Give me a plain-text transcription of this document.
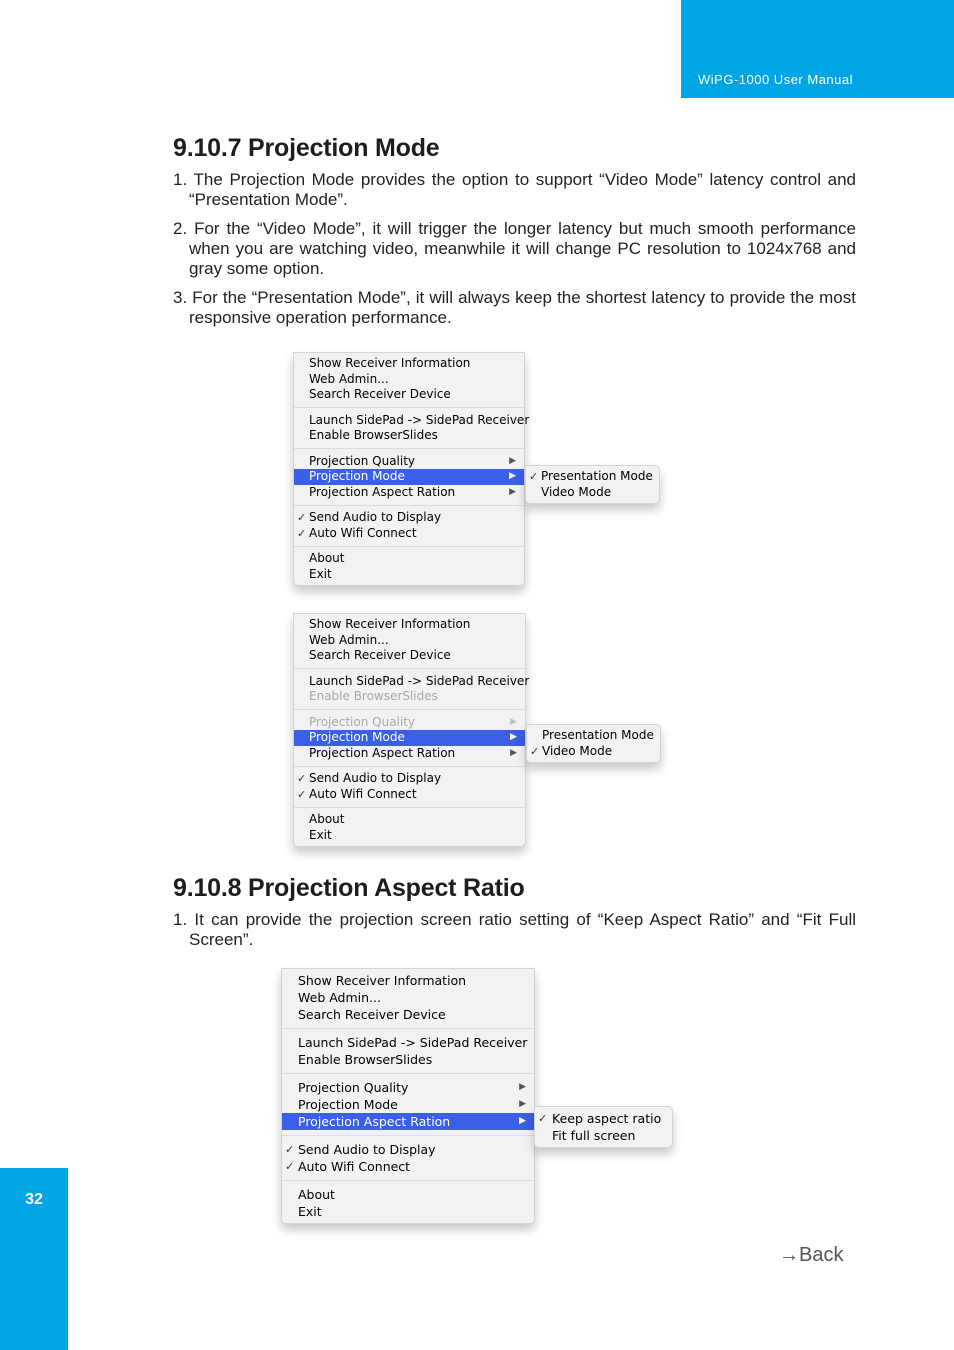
WiPG-1000 User Manual
32
9.10.7 Projection Mode

1. The Projection Mode provides the option to support “Video Mode” latency control and “Presentation Mode”.

2. For the “Video Mode”, it will trigger the longer latency but much smooth performance when you are watching video, meanwhile it will change PC resolution to 1024x768 and gray some option.

3. For the “Presentation Mode”, it will always keep the shortest latency to provide the most responsive operation performance.

Show Receiver Information
Web Admin...
Search Receiver Device
Launch SidePad -> SidePad Receiver
Enable BrowserSlides
Projection Quality	▶
Projection Mode	▶
Projection Aspect Ration	▶
✓ Send Audio to Display
✓ Auto Wifi Connect
About
Exit
✓ Presentation Mode
Video Mode
Show Receiver Information
Web Admin...
Search Receiver Device
Launch SidePad -> SidePad Receiver
Enable BrowserSlides
Projection Quality	▶
Projection Mode	▶
Projection Aspect Ration	▶
✓ Send Audio to Display
✓ Auto Wifi Connect
About
Exit
Presentation Mode
✓ Video Mode
9.10.8 Projection Aspect Ratio

1. It can provide the projection screen ratio setting of “Keep Aspect Ratio” and “Fit Full Screen”.

Show Receiver Information
Web Admin...
Search Receiver Device
Launch SidePad -> SidePad Receiver
Enable BrowserSlides
Projection Quality	▶
Projection Mode	▶
Projection Aspect Ration	▶
✓ Send Audio to Display
✓ Auto Wifi Connect
About
Exit
✓ Keep aspect ratio
Fit full screen
→Back
